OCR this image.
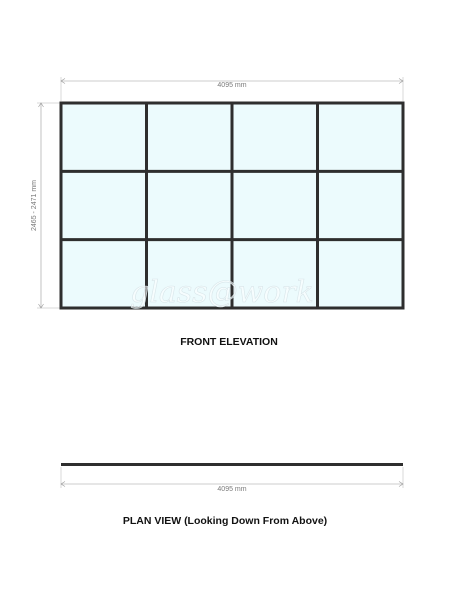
4095 mm
2465 - 2471 mm
glass@work
FRONT ELEVATION
4095 mm
PLAN VIEW (Looking Down From Above)
